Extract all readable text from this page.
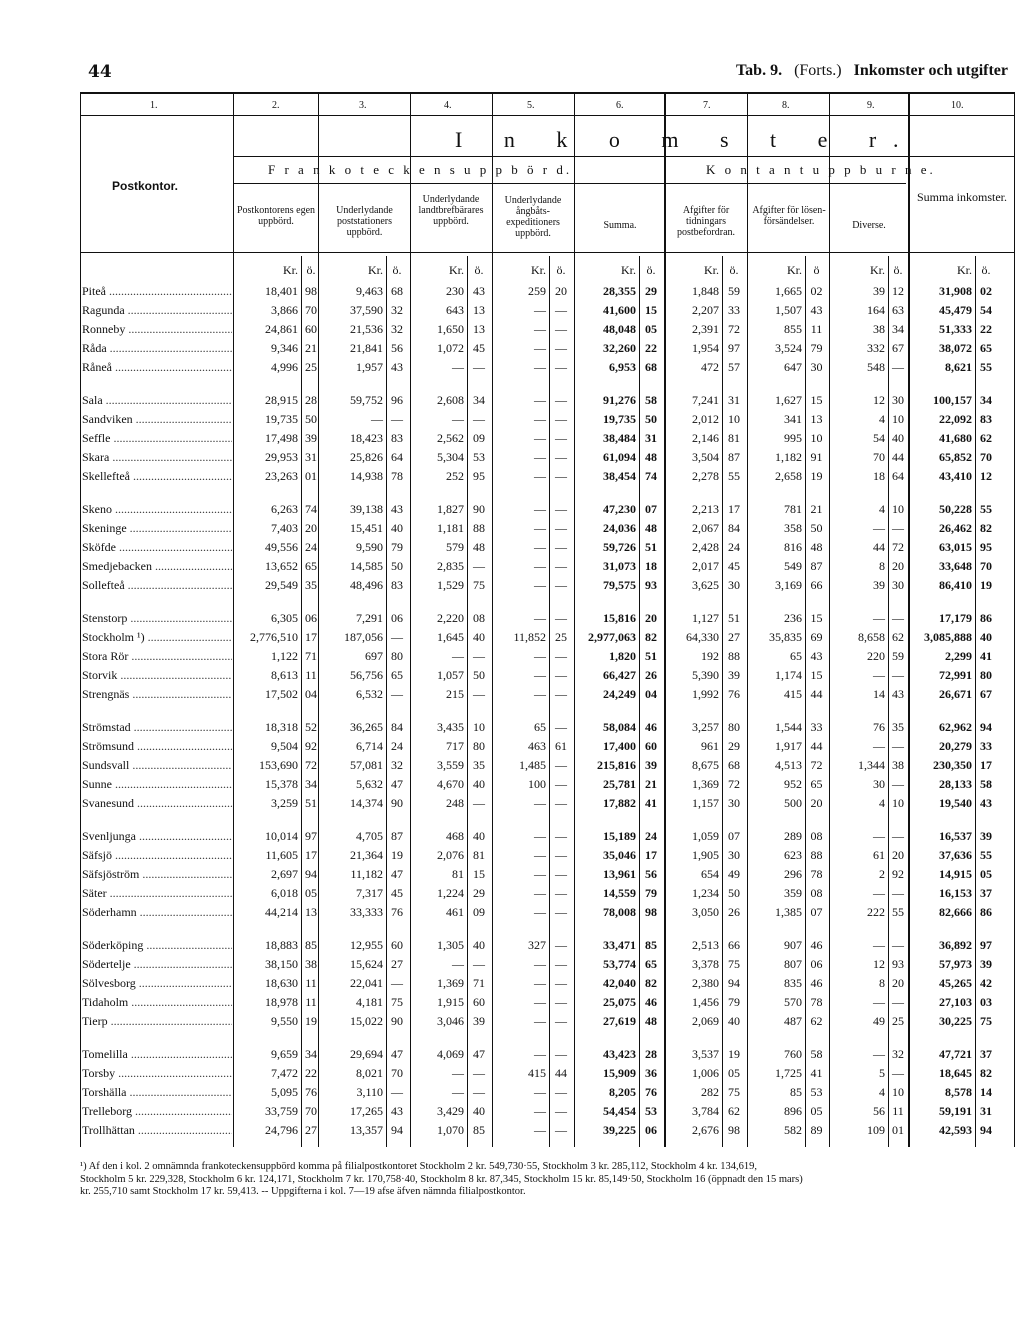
44	Tab. 9. (Forts.) Inkomster och utgifter
1.	2.	3.	4.	5.	6.	7.	8.	9.	10.
I n k o m s t e r.
F r a n k o t e c k e n s u p p b ö r d.	K o n t a n t u p p b u r n e.
Postkontor.
Postkontorens egen uppbörd.
Underlydande poststationers uppbörd.
Underlydande landtbrefbärares uppbörd.
Underlydande ångbåtsexpeditioners uppbörd.
Summa.
Afgifter för tidningars postbefordran.
Afgifter för lösenförsändelser.	Diverse.
Summa inkomster.
Kr. ö.	Kr. ö.	Kr. ö.	Kr. ö.	Kr. ö.	Kr. ö.	Kr. ö	Kr. ö.	Kr. ö.
Piteå .....	18,401 98	9,463 68	230 43	259 20	28,355 29	1,848 59	1,665 02	39 12	31,908 02
Ragunda .....	3,866 70	37,590 32	643 13	— —	41,600 15	2,207 33	1,507 43	164 63	45,479 54
Ronneby .....	24,861 60	21,536 32	1,650 13	— —	48,048 05	2,391 72	855 11	38 34	51,333 22
Råda .....	9,346 21	21,841 56	1,072 45	— —	32,260 22	1,954 97	3,524 79	332 67	38,072 65
Råneå .....	4,996 25	1,957 43	— —	— —	6,953 68	472 57	647 30	548 —	8,621 55
Sala .....	28,915 28	59,752 96	2,608 34	— —	91,276 58	7,241 31	1,627 15	12 30	100,157 34
Sandviken .....	19,735 50	— —	— —	— —	19,735 50	2,012 10	341 13	4 10	22,092 83
Seffle .....	17,498 39	18,423 83	2,562 09	— —	38,484 31	2,146 81	995 10	54 40	41,680 62
Skara .....	29,953 31	25,826 64	5,304 53	— —	61,094 48	3,504 87	1,182 91	70 44	65,852 70
Skellefteå .....	23,263 01	14,938 78	252 95	— —	38,454 74	2,278 55	2,658 19	18 64	43,410 12
Skeno .....	6,263 74	39,138 43	1,827 90	— —	47,230 07	2,213 17	781 21	4 10	50,228 55
Skeninge .....	7,403 20	15,451 40	1,181 88	— —	24,036 48	2,067 84	358 50	— —	26,462 82
Sköfde .....	49,556 24	9,590 79	579 48	— —	59,726 51	2,428 24	816 48	44 72	63,015 95
Smedjebacken .....	13,652 65	14,585 50	2,835 —	— —	31,073 18	2,017 45	549 87	8 20	33,648 70
Sollefteå .....	29,549 35	48,496 83	1,529 75	— —	79,575 93	3,625 30	3,169 66	39 30	86,410 19
Stenstorp .....	6,305 06	7,291 06	2,220 08	— —	15,816 20	1,127 51	236 15	— —	17,179 86
Stockholm ¹) .....	2,776,510 17	187,056 —	1,645 40	11,852 25	2,977,063 82	64,330 27	35,835 69	8,658 62	3,085,888 40
Stora Rör .....	1,122 71	697 80	— —	— —	1,820 51	192 88	65 43	220 59	2,299 41
Storvik .....	8,613 11	56,756 65	1,057 50	— —	66,427 26	5,390 39	1,174 15	— —	72,991 80
Strengnäs .....	17,502 04	6,532 —	215 —	— —	24,249 04	1,992 76	415 44	14 43	26,671 67
Strömstad .....	18,318 52	36,265 84	3,435 10	65 —	58,084 46	3,257 80	1,544 33	76 35	62,962 94
Strömsund .....	9,504 92	6,714 24	717 80	463 61	17,400 60	961 29	1,917 44	— —	20,279 33
Sundsvall .....	153,690 72	57,081 32	3,559 35	1,485 —	215,816 39	8,675 68	4,513 72	1,344 38	230,350 17
Sunne .....	15,378 34	5,632 47	4,670 40	100 —	25,781 21	1,369 72	952 65	30 —	28,133 58
Svanesund .....	3,259 51	14,374 90	248 —	— —	17,882 41	1,157 30	500 20	4 10	19,540 43
Svenljunga .....	10,014 97	4,705 87	468 40	— —	15,189 24	1,059 07	289 08	— —	16,537 39
Säfsjö .....	11,605 17	21,364 19	2,076 81	— —	35,046 17	1,905 30	623 88	61 20	37,636 55
Säfsjöström .....	2,697 94	11,182 47	81 15	— —	13,961 56	654 49	296 78	2 92	14,915 05
Säter .....	6,018 05	7,317 45	1,224 29	— —	14,559 79	1,234 50	359 08	— —	16,153 37
Söderhamn .....	44,214 13	33,333 76	461 09	— —	78,008 98	3,050 26	1,385 07	222 55	82,666 86
Söderköping .....	18,883 85	12,955 60	1,305 40	327 —	33,471 85	2,513 66	907 46	— —	36,892 97
Södertelje .....	38,150 38	15,624 27	— —	— —	53,774 65	3,378 75	807 06	12 93	57,973 39
Sölvesborg .....	18,630 11	22,041 —	1,369 71	— —	42,040 82	2,380 94	835 46	8 20	45,265 42
Tidaholm .....	18,978 11	4,181 75	1,915 60	— —	25,075 46	1,456 79	570 78	— —	27,103 03
Tierp .....	9,550 19	15,022 90	3,046 39	— —	27,619 48	2,069 40	487 62	49 25	30,225 75
Tomelilla .....	9,659 34	29,694 47	4,069 47	— —	43,423 28	3,537 19	760 58	— 32	47,721 37
Torsby .....	7,472 22	8,021 70	— —	415 44	15,909 36	1,006 05	1,725 41	5 —	18,645 82
Torshälla .....	5,095 76	3,110 —	— —	— —	8,205 76	282 75	85 53	4 10	8,578 14
Trelleborg .....	33,759 70	17,265 43	3,429 40	— —	54,454 53	3,784 62	896 05	56 11	59,191 31
Trollhättan .....	24,796 27	13,357 94	1,070 85	— —	39,225 06	2,676 98	582 89	109 01	42,593 94
¹) Af den i kol. 2 omnämnda frankoteckensuppbörd komma på filialpostkontoret Stockholm 2 kr. 549,730·55, Stockholm 3 kr. 285,112, Stockholm 4 kr. 134,619,
Stockholm 5 kr. 229,328, Stockholm 6 kr. 124,171, Stockholm 7 kr. 170,758·40, Stockholm 8 kr. 87,345, Stockholm 15 kr. 85,149·50, Stockholm 16 (öppnadt den 15 mars)
kr. 255,710 samt Stockholm 17 kr. 59,413. -- Uppgifterna i kol. 7—19 afse äfven nämnda filialpostkontor.
